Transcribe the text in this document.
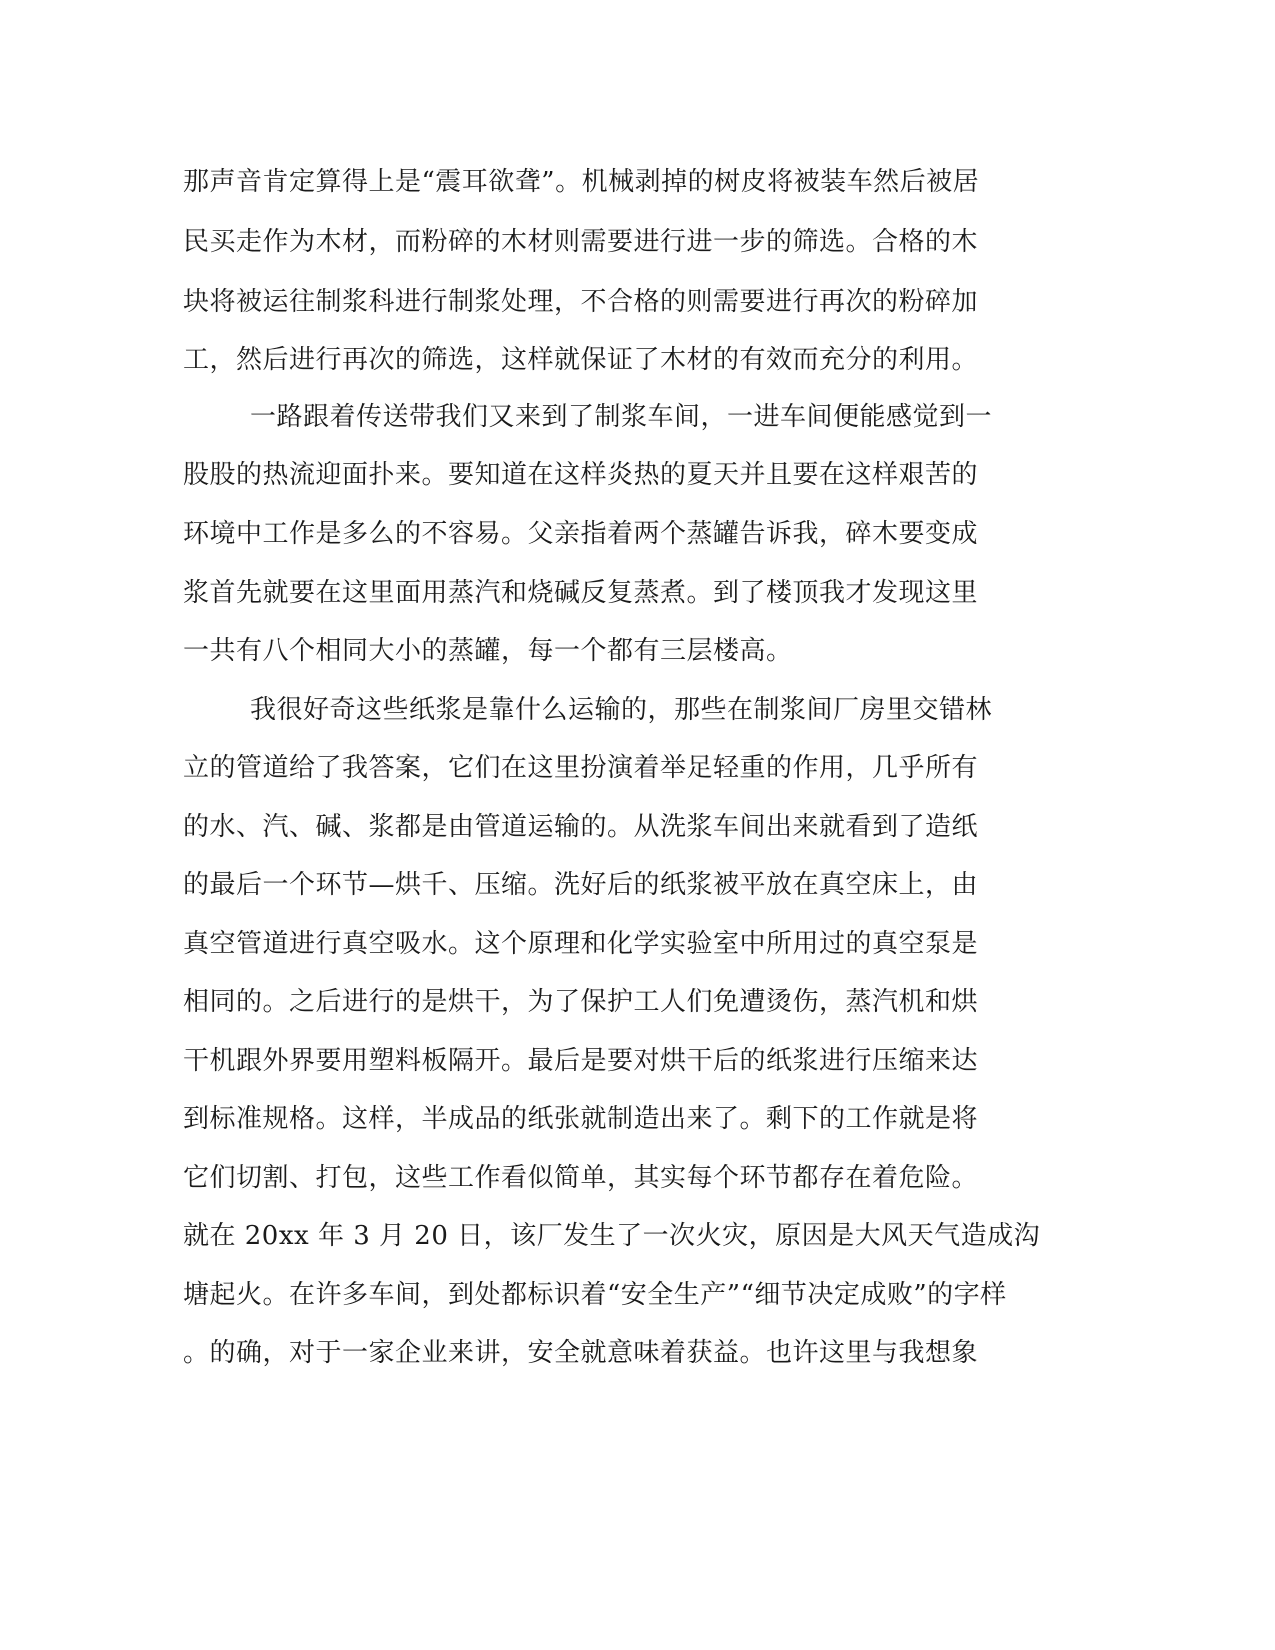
那声音肯定算得上是“震耳欲聋”。机械剥掉的树皮将被装车然后被居
民买走作为木材，而粉碎的木材则需要进行进一步的筛选。合格的木
块将被运往制浆科进行制浆处理，不合格的则需要进行再次的粉碎加
工，然后进行再次的筛选，这样就保证了木材的有效而充分的利用。
一路跟着传送带我们又来到了制浆车间，一进车间便能感觉到一
股股的热流迎面扑来。要知道在这样炎热的夏天并且要在这样艰苦的
环境中工作是多么的不容易。父亲指着两个蒸罐告诉我，碎木要变成
浆首先就要在这里面用蒸汽和烧碱反复蒸煮。到了楼顶我才发现这里
一共有八个相同大小的蒸罐，每一个都有三层楼高。
我很好奇这些纸浆是靠什么运输的，那些在制浆间厂房里交错林
立的管道给了我答案，它们在这里扮演着举足轻重的作用，几乎所有
的水、汽、碱、浆都是由管道运输的。从洗浆车间出来就看到了造纸
的最后一个环节—烘千、压缩。洗好后的纸浆被平放在真空床上，由
真空管道进行真空吸水。这个原理和化学实验室中所用过的真空泵是
相同的。之后进行的是烘干，为了保护工人们免遭烫伤，蒸汽机和烘
干机跟外界要用塑料板隔开。最后是要对烘干后的纸浆进行压缩来达
到标准规格。这样，半成品的纸张就制造出来了。剩下的工作就是将
它们切割、打包，这些工作看似简单，其实每个环节都存在着危险。
就在 20xx 年 3 月 20 日，该厂发生了一次火灾，原因是大风天气造成沟
塘起火。在许多车间，到处都标识着“安全生产”“细节决定成败”的字样
。的确，对于一家企业来讲，安全就意味着获益。也许这里与我想象
